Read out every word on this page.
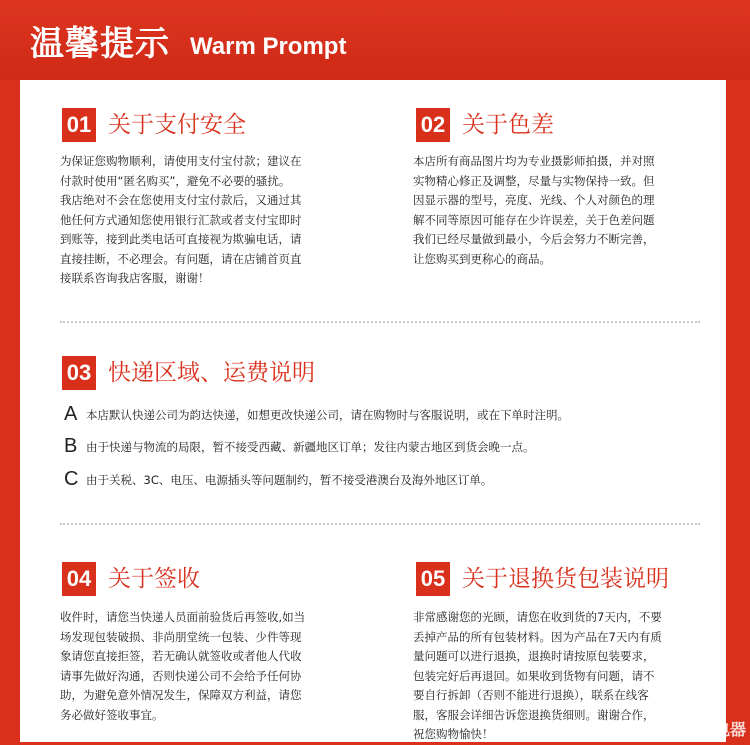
温馨提示 Warm Prompt
01 关于支付安全
为保证您购物顺利，请使用支付宝付款；建议在
付款时使用“匿名购买”，避免不必要的骚扰。
我店绝对不会在您使用支付宝付款后，又通过其
他任何方式通知您使用银行汇款或者支付宝即时
到账等，接到此类电话可直接视为欺骗电话，请
直接挂断，不必理会。有问题，请在店铺首页直
接联系咨询我店客服，谢谢！
02 关于色差
本店所有商品图片均为专业摄影师拍摄，并对照
实物精心修正及调整，尽量与实物保持一致。但
因显示器的型号，亮度、光线、个人对颜色的理
解不同等原因可能存在少许误差，关于色差问题
我们已经尽量做到最小，今后会努力不断完善，
让您购买到更称心的商品。
03 快递区域、运费说明
A 本店默认快递公司为韵达快递，如想更改快递公司，请在购物时与客服说明，或在下单时注明。
B 由于快递与物流的局限，暂不接受西藏、新疆地区订单；发往内蒙古地区到货会晚一点。
C 由于关税、3C、电压、电源插头等问题制约，暂不接受港澳台及海外地区订单。
04 关于签收
收件时，请您当快递人员面前验货后再签收,如当
场发现包装破损、非尚朋堂统一包装、少件等现
象请您直接拒签，若无确认就签收或者他人代收
请事先做好沟通，否则快递公司不会给予任何协
助，为避免意外情况发生，保障双方利益，请您
务必做好签收事宜。
05 关于退换货包装说明
非常感谢您的光顾，请您在收到货的7天内，不要
丢掉产品的所有包装材料。因为产品在7天内有质
量问题可以进行退换，退换时请按原包装要求，
包装完好后再退回。如果收到货物有问题，请不
要自行拆卸（否则不能进行退换），联系在线客
服，客服会详细告诉您退换货细则。谢谢合作，
祝您购物愉快！	爱家电器
